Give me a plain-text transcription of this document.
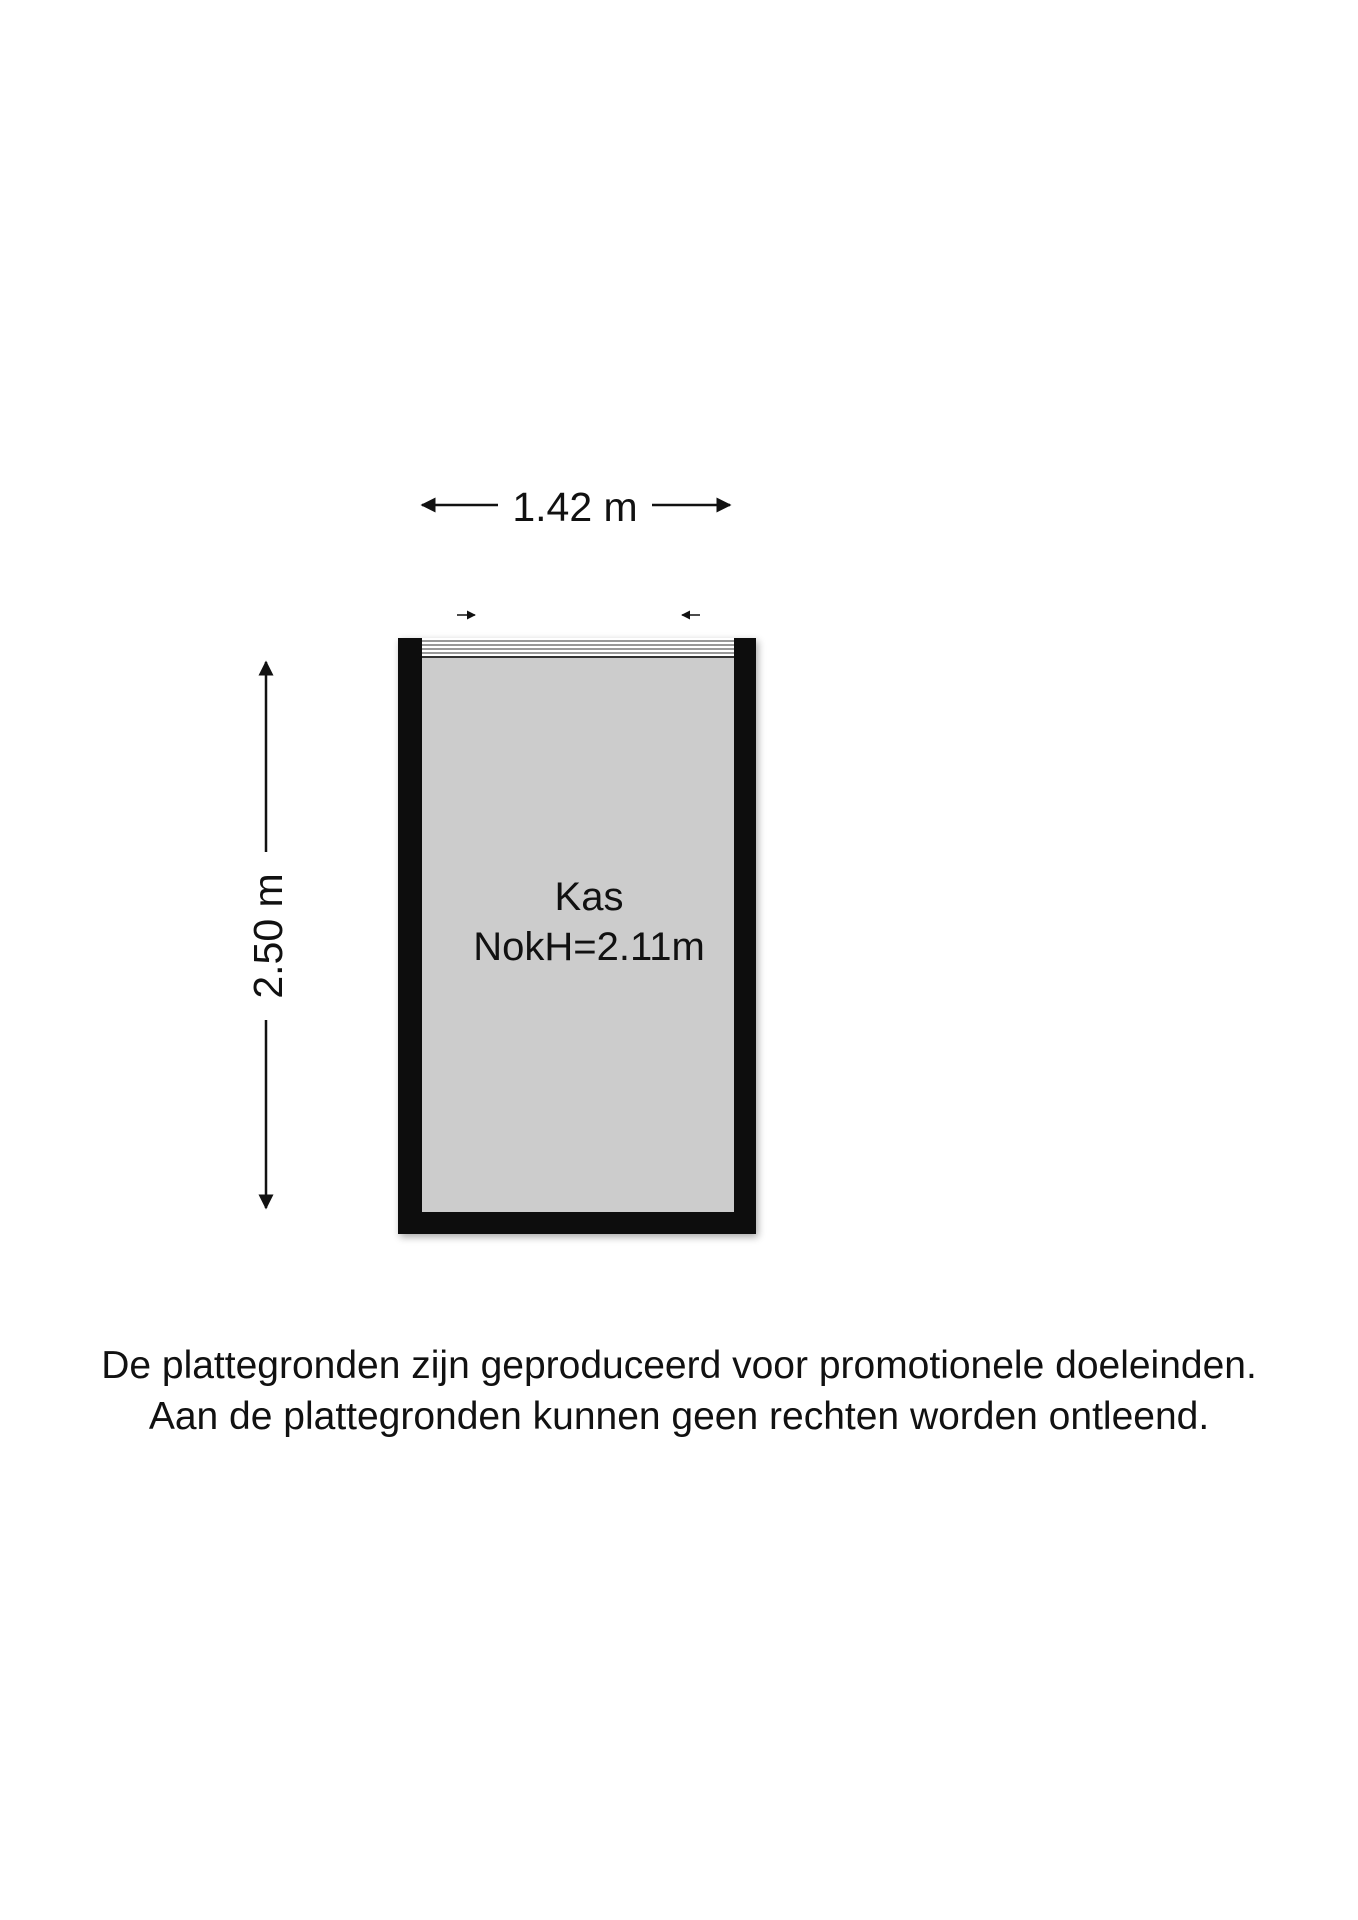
1.42 m
2.50 m	Kas
NokH=2.11m
De plattegronden zijn geproduceerd voor promotionele doeleinden.
Aan de plattegronden kunnen geen rechten worden ontleend.
